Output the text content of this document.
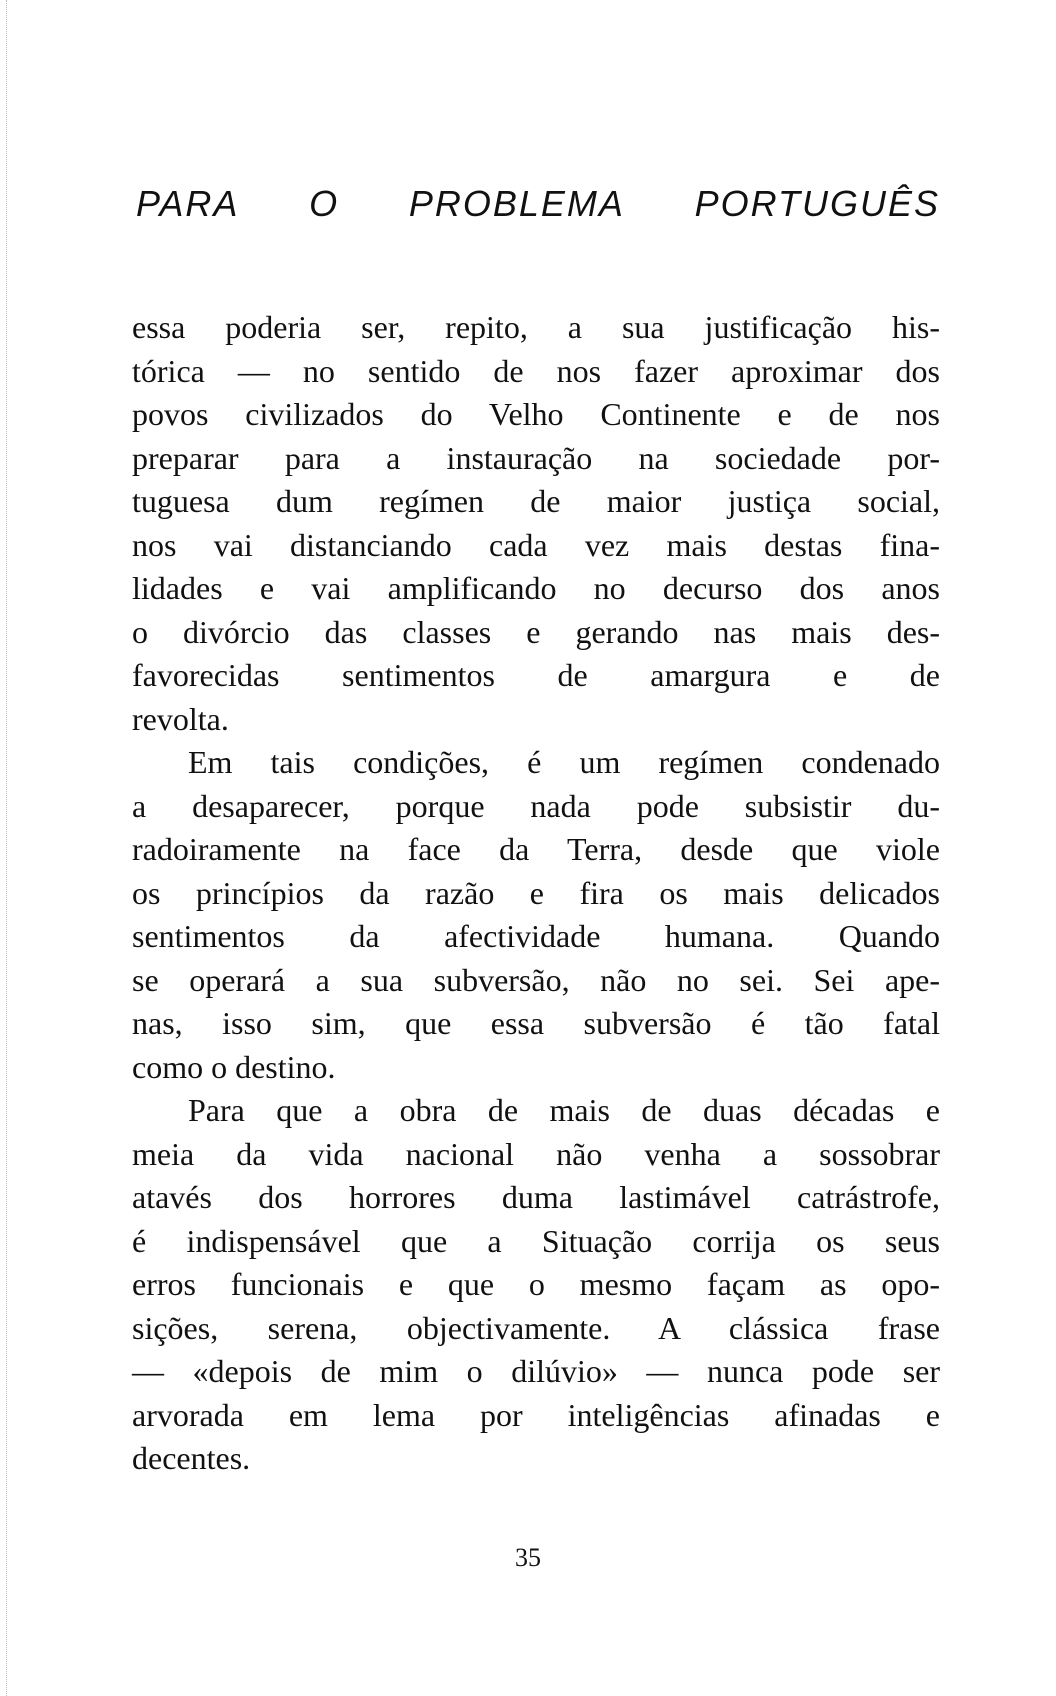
PARA O PROBLEMA PORTUGUÊS
essa poderia ser, repito, a sua justificação his-
tórica — no sentido de nos fazer aproximar dos
povos civilizados do Velho Continente e de nos
preparar para a instauração na sociedade por-
tuguesa dum regímen de maior justiça social,
nos vai distanciando cada vez mais destas fina-
lidades e vai amplificando no decurso dos anos
o divórcio das classes e gerando nas mais des-
favorecidas sentimentos de amargura e de
revolta.
Em tais condições, é um regímen condenado
a desaparecer, porque nada pode subsistir du-
radoiramente na face da Terra, desde que viole
os princípios da razão e fira os mais delicados
sentimentos da afectividade humana. Quando
se operará a sua subversão, não no sei. Sei ape-
nas, isso sim, que essa subversão é tão fatal
como o destino.
Para que a obra de mais de duas décadas e
meia da vida nacional não venha a sossobrar
atavés dos horrores duma lastimável catrástrofe,
é indispensável que a Situação corrija os seus
erros funcionais e que o mesmo façam as opo-
sições, serena, objectivamente. A clássica frase
— «depois de mim o dilúvio» — nunca pode ser
arvorada em lema por inteligências afinadas e
decentes.
35
